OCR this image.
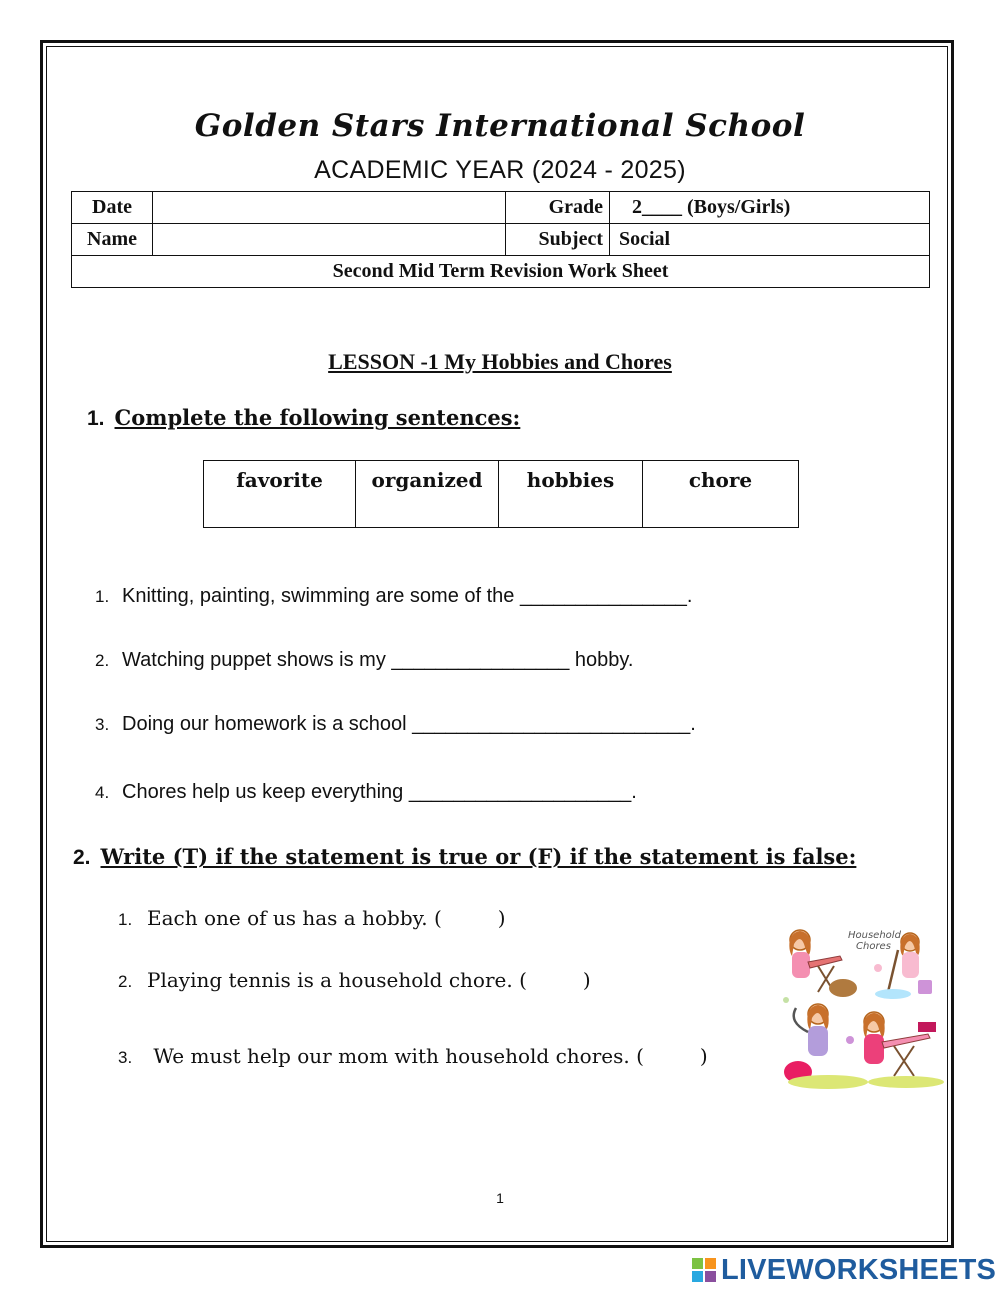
Golden Stars International School
ACADEMIC YEAR (2024 - 2025)
Date		Grade	2____ (Boys/Girls)
Name		Subject	Social
Second Mid Term Revision Work Sheet			
LESSON -1 My Hobbies and Chores
1. Complete the following sentences:
favorite	organized	hobbies	chore
1. Knitting, painting, swimming are some of the _______________.
2. Watching puppet shows is my ________________ hobby.
3. Doing our homework is a school _________________________.
4. Chores help us keep everything ____________________.
2. Write (T) if the statement is true or (F) if the statement is false:
1. Each one of us has a hobby. (	)
2. Playing tennis is a household chore. (	)
3. We must help our mom with household chores. (	)
Household
Chores
1
LIVEWORKSHEETS
